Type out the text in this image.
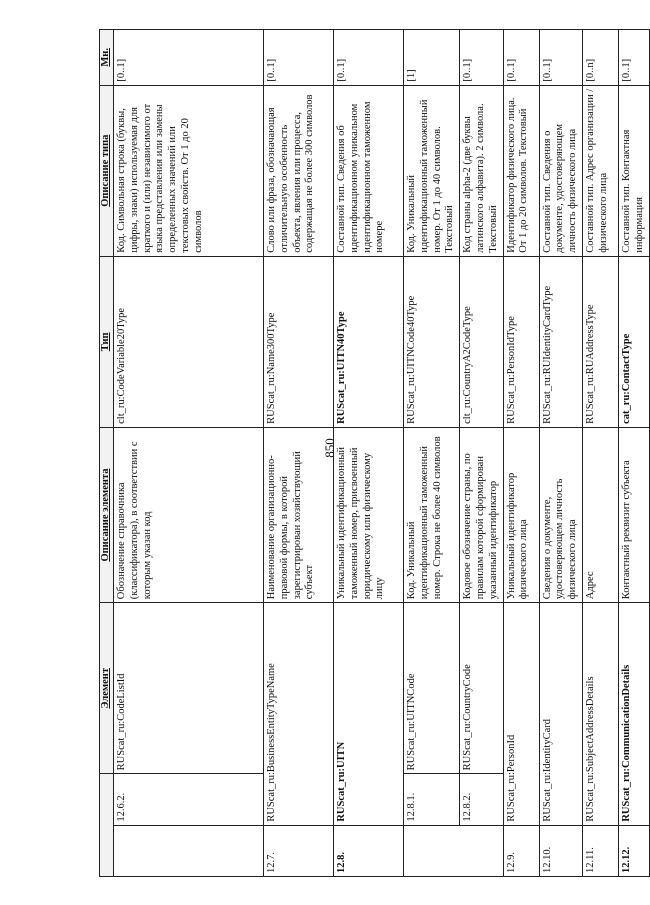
850
		Элемент	Описание элемента	Тип	Описание типа	Мн.
	12.6.2.	RUScat_ru:CodeListId	Обозначение справочника (классификатора), в соответствии с которым указан код	clt_ru:CodeVariable20Type	Код. Символьная строка (буквы, цифры, знаки) используемая для краткого и (или) независимого от языка представления или замены определенных значений или текстовых свойств. От 1 до 20 символов	[0..1]
12.7.	RUScat_ru:BusinessEntityTypeName		Наименование организационно-правовой формы, в которой зарегистрирован хозяйствующий субъект	RUScat_ru:Name300Type	Слово или фраза, обозначающая отличительную особенность объекта, явления или процесса, содержащая не более 300 символов	[0..1]
12.8.	RUScat_ru:UITN		Уникальный идентификационный таможенный номер, присвоенный юридическому или физическому лицу	RUScat_ru:UITN40Type	Составной тип. Сведения об идентификационном уникальном идентификационном таможенном номере	[0..1]
	12.8.1.	RUScat_ru:UITNCode	Код. Уникальный идентификационный таможенный номер. Строка не более 40 символов	RUScat_ru:UITNCode40Type	Код. Уникальный идентификационный таможенный номер. От 1 до 40 символов. Текстовый	[1]
	12.8.2.	RUScat_ru:CountryCode	Кодовое обозначение страны, по правилам которой сформирован указанный идентификатор	clt_ru:CountryA2CodeType	Код страны alpha-2 (две буквы латинского алфавита). 2 символа. Текстовый	[0..1]
12.9.	RUScat_ru:PersonId		Уникальный идентификатор физического лица	RUScat_ru:PersonIdType	Идентификатор физического лица. От 1 до 20 символов. Текстовый	[0..1]
12.10.	RUScat_ru:IdentityCard		Сведения о документе, удостоверяющем личность физического лица	RUScat_ru:RUIdentityCardType	Составной тип. Сведения о документе, удостоверяющем личность физического лица	[0..1]
12.11.	RUScat_ru:SubjectAddressDetails		Адрес	RUScat_ru:RUAddressType	Составной тип. Адрес организации / физического лица	[0..n]
12.12.	RUScat_ru:CommunicationDetails		Контактный реквизит субъекта	cat_ru:ContactType	Составной тип. Контактная информация	[0..1]
